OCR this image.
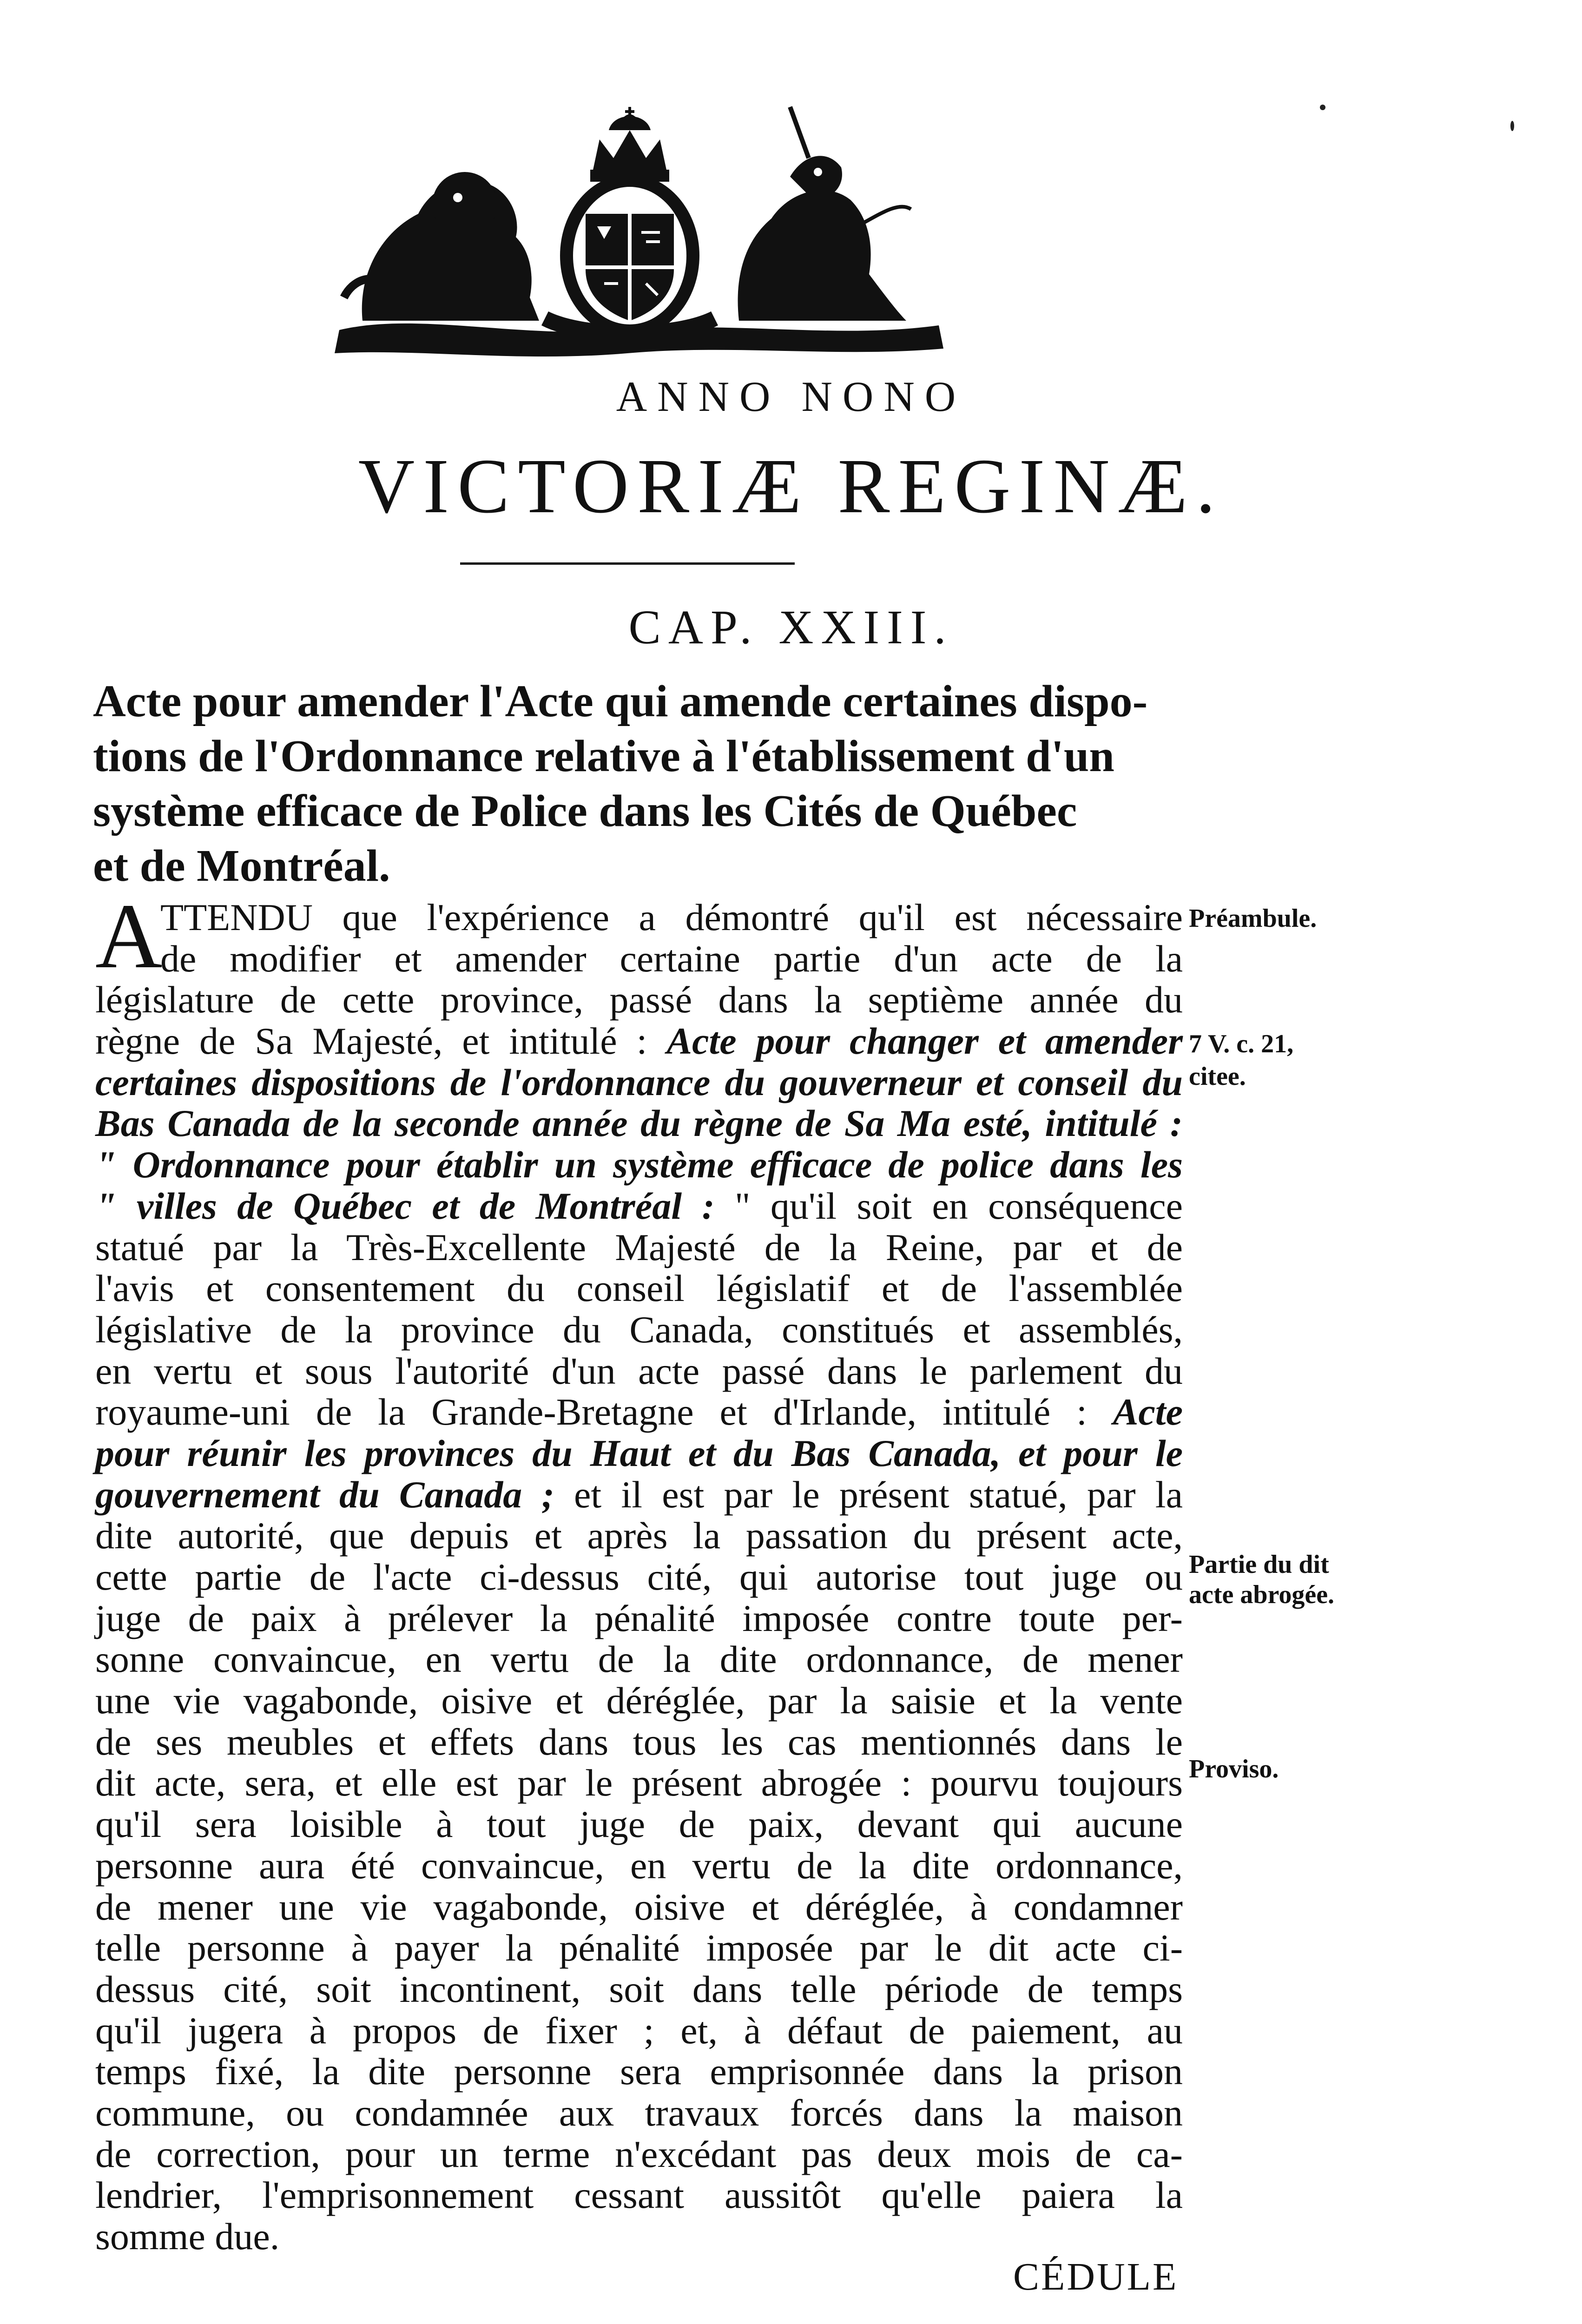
ANNO NONO
VICTORIÆ REGINÆ.
CAP. XXIII.
Acte pour amender l'Acte qui amende certaines dispo-
tions de l'Ordonnance relative à l'établissement d'un
système efficace de Police dans les Cités de Québec
et de Montréal.
A
TTENDU que l'expérience a démontré qu'il est nécessaire
de modifier et amender certaine partie d'un acte de la
législature de cette province, passé dans la septième année du
règne de Sa Majesté, et intitulé : Acte pour changer et amender
certaines dispositions de l'ordonnance du gouverneur et conseil du
Bas Canada de la seconde année du règne de Sa Ma esté, intitulé :
" Ordonnance pour établir un système efficace de police dans les
" villes de Québec et de Montréal : " qu'il soit en conséquence
statué par la Très-Excellente Majesté de la Reine, par et de
l'avis et consentement du conseil législatif et de l'assemblée
législative de la province du Canada, constitués et assemblés,
en vertu et sous l'autorité d'un acte passé dans le parlement du
royaume-uni de la Grande-Bretagne et d'Irlande, intitulé : Acte
pour réunir les provinces du Haut et du Bas Canada, et pour le
gouvernement du Canada ; et il est par le présent statué, par la
dite autorité, que depuis et après la passation du présent acte,
cette partie de l'acte ci-dessus cité, qui autorise tout juge ou
juge de paix à prélever la pénalité imposée contre toute per-
sonne convaincue, en vertu de la dite ordonnance, de mener
une vie vagabonde, oisive et déréglée, par la saisie et la vente
de ses meubles et effets dans tous les cas mentionnés dans le
dit acte, sera, et elle est par le présent abrogée : pourvu toujours
qu'il sera loisible à tout juge de paix, devant qui aucune
personne aura été convaincue, en vertu de la dite ordonnance,
de mener une vie vagabonde, oisive et déréglée, à condamner
telle personne à payer la pénalité imposée par le dit acte ci-
dessus cité, soit incontinent, soit dans telle période de temps
qu'il jugera à propos de fixer ; et, à défaut de paiement, au
temps fixé, la dite personne sera emprisonnée dans la prison
commune, ou condamnée aux travaux forcés dans la maison
de correction, pour un terme n'excédant pas deux mois de ca-
lendrier, l'emprisonnement cessant aussitôt qu'elle paiera la
somme due.
Préambule.
7 V. c. 21,
citee.
Partie du dit
acte abrogée.
Proviso.
CÉDULE
